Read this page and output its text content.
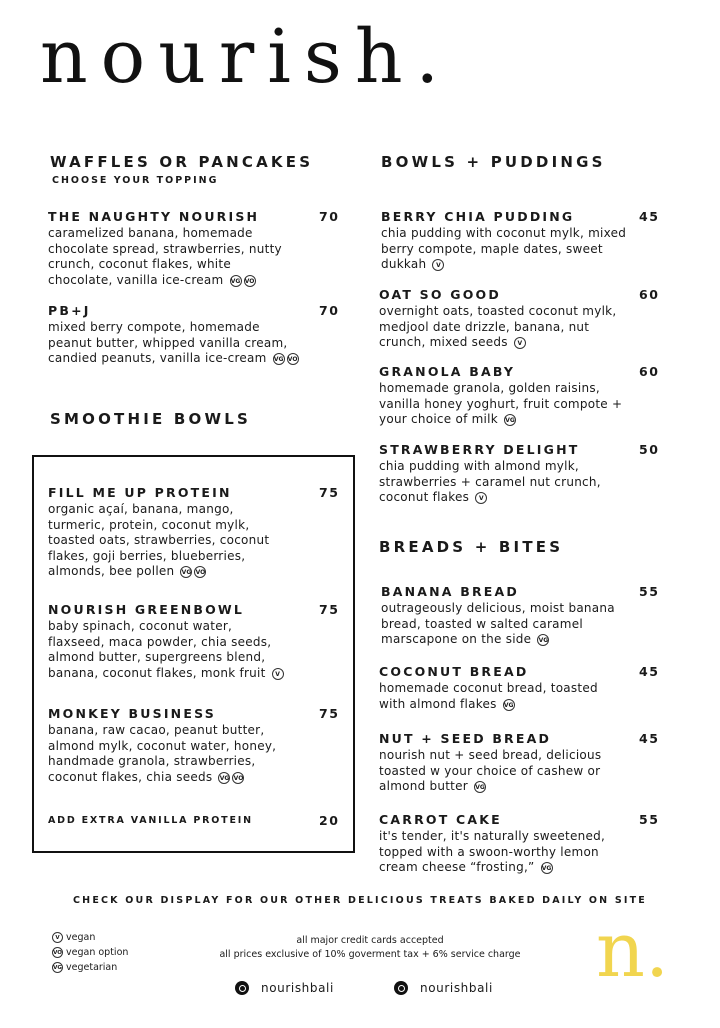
nourish.
WAFFLES OR PANCAKES
CHOOSE YOUR TOPPING
THE NAUGHTY NOURISH	70
caramelized banana, homemade
chocolate spread, strawberries, nutty
crunch, coconut flakes, white
chocolate, vanilla ice-cream VG VO
PB+J	70
mixed berry compote, homemade
peanut butter, whipped vanilla cream,
candied peanuts, vanilla ice-cream VG VO
SMOOTHIE BOWLS
FILL ME UP PROTEIN	75
organic açaí, banana, mango,
turmeric, protein, coconut mylk,
toasted oats, strawberries, coconut
flakes, goji berries, blueberries,
almonds, bee pollen VG VO
NOURISH GREENBOWL	75
baby spinach, coconut water,
flaxseed, maca powder, chia seeds,
almond butter, supergreens blend,
banana, coconut flakes, monk fruit V
MONKEY BUSINESS	75
banana, raw cacao, peanut butter,
almond mylk, coconut water, honey,
handmade granola, strawberries,
coconut flakes, chia seeds VG VO
ADD EXTRA VANILLA PROTEIN	20
BOWLS + PUDDINGS
BERRY CHIA PUDDING	45
chia pudding with coconut mylk, mixed
berry compote, maple dates, sweet
dukkah V
OAT SO GOOD	60
overnight oats, toasted coconut mylk,
medjool date drizzle, banana, nut
crunch, mixed seeds V
GRANOLA BABY	60
homemade granola, golden raisins,
vanilla honey yoghurt, fruit compote +
your choice of milk VG
STRAWBERRY DELIGHT	50
chia pudding with almond mylk,
strawberries + caramel nut crunch,
coconut flakes V
BREADS + BITES
BANANA BREAD	55
outrageously delicious, moist banana
bread, toasted w salted caramel
marscapone on the side VG
COCONUT BREAD	45
homemade coconut bread, toasted
with almond flakes VG
NUT + SEED BREAD	45
nourish nut + seed bread, delicious
toasted w your choice of cashew or
almond butter VG
CARROT CAKE	55
it's tender, it's naturally sweetened,
topped with a swoon-worthy lemon
cream cheese “frosting,” VG
CHECK OUR DISPLAY FOR OUR OTHER DELICIOUS TREATS BAKED DAILY ON SITE
V vegan
VO vegan option
VG vegetarian
all major credit cards accepted
all prices exclusive of 10% goverment tax + 6% service charge
nourishbali	nourishbali n.
